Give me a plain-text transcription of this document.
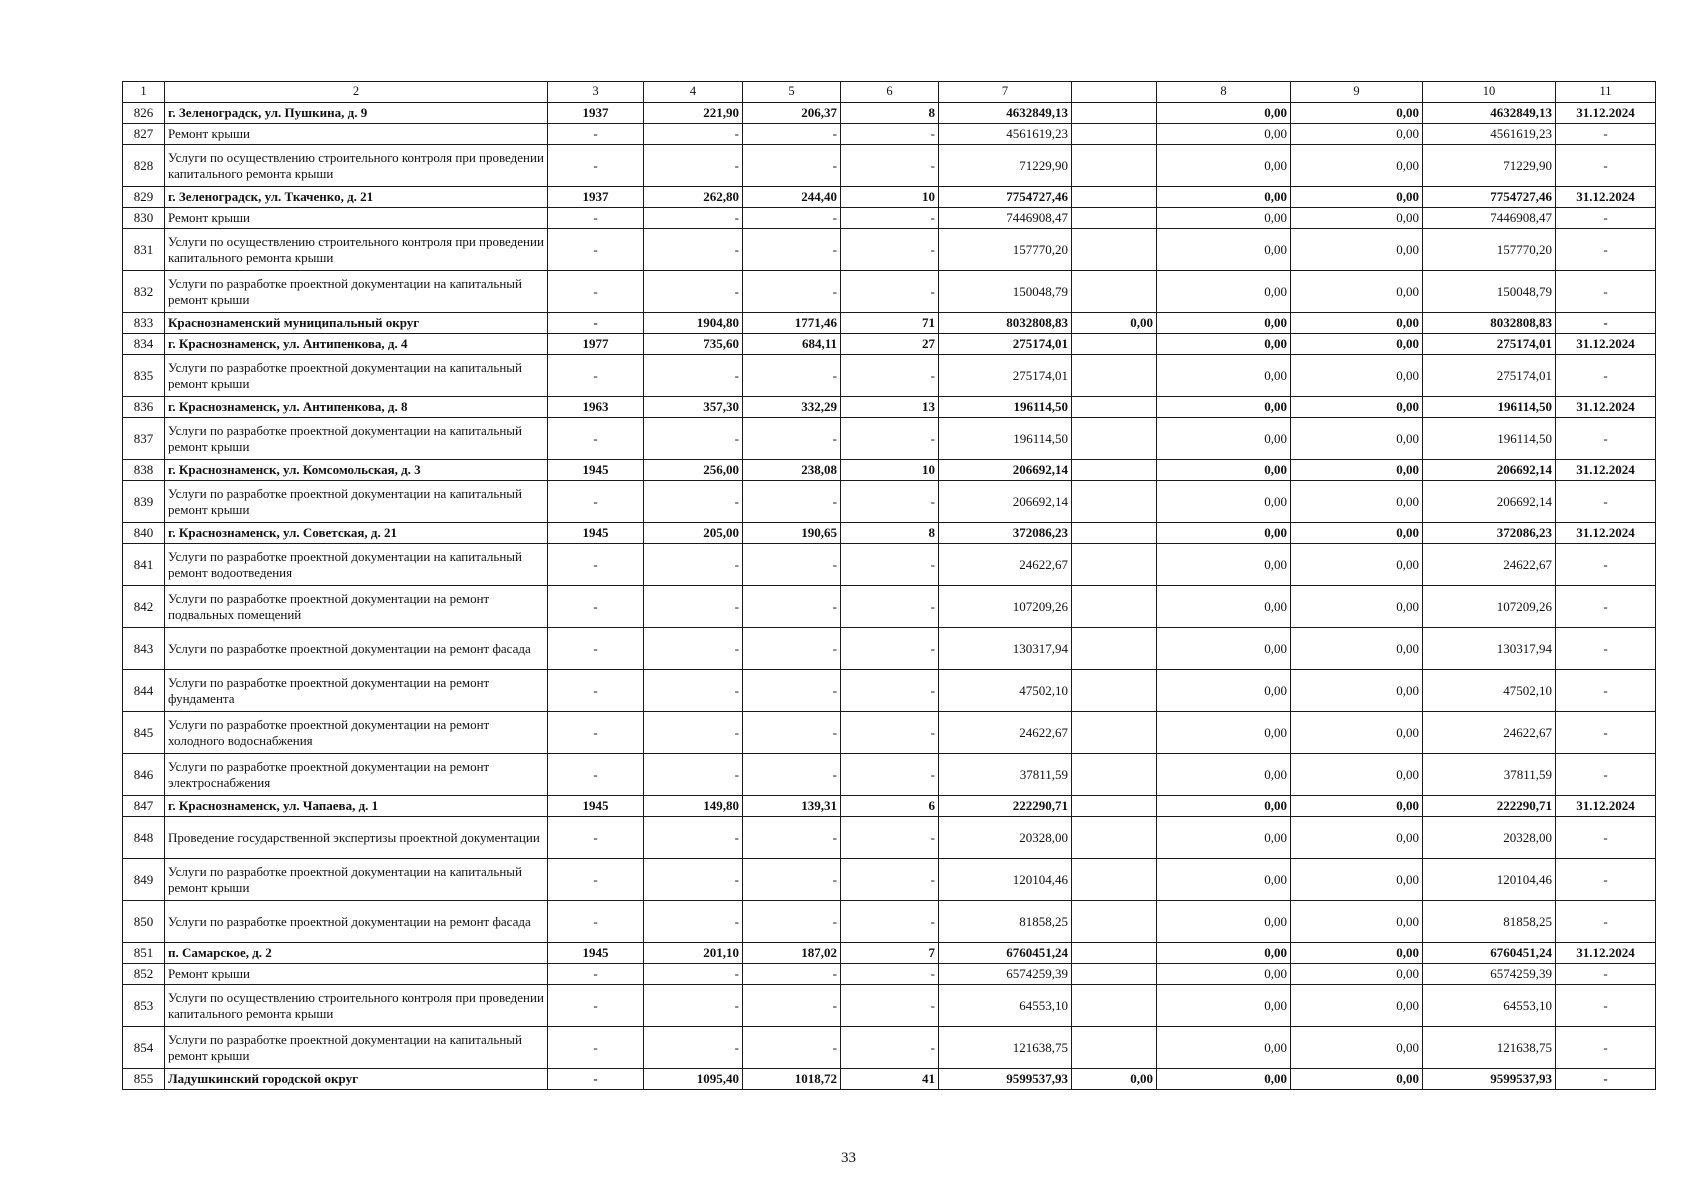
1	2	3	4	5	6	7		8	9	10	11
826	г. Зеленоградск, ул. Пушкина, д. 9	1937	221,90	206,37	8	4632849,13		0,00	0,00	4632849,13	31.12.2024
827	Ремонт крыши	-	-	-	-	4561619,23		0,00	0,00	4561619,23	-
828	Услуги по осуществлению строительного контроля при проведении капитального ремонта крыши	-	-	-	-	71229,90		0,00	0,00	71229,90	-
829	г. Зеленоградск, ул. Ткаченко, д. 21	1937	262,80	244,40	10	7754727,46		0,00	0,00	7754727,46	31.12.2024
830	Ремонт крыши	-	-	-	-	7446908,47		0,00	0,00	7446908,47	-
831	Услуги по осуществлению строительного контроля при проведении капитального ремонта крыши	-	-	-	-	157770,20		0,00	0,00	157770,20	-
832	Услуги по разработке проектной документации на капитальный ремонт крыши	-	-	-	-	150048,79		0,00	0,00	150048,79	-
833	Краснознаменский муниципальный округ	-	1904,80	1771,46	71	8032808,83	0,00	0,00	0,00	8032808,83	-
834	г. Краснознаменск, ул. Антипенкова, д. 4	1977	735,60	684,11	27	275174,01		0,00	0,00	275174,01	31.12.2024
835	Услуги по разработке проектной документации на капитальный ремонт крыши	-	-	-	-	275174,01		0,00	0,00	275174,01	-
836	г. Краснознаменск, ул. Антипенкова, д. 8	1963	357,30	332,29	13	196114,50		0,00	0,00	196114,50	31.12.2024
837	Услуги по разработке проектной документации на капитальный ремонт крыши	-	-	-	-	196114,50		0,00	0,00	196114,50	-
838	г. Краснознаменск, ул. Комсомольская, д. 3	1945	256,00	238,08	10	206692,14		0,00	0,00	206692,14	31.12.2024
839	Услуги по разработке проектной документации на капитальный ремонт крыши	-	-	-	-	206692,14		0,00	0,00	206692,14	-
840	г. Краснознаменск, ул. Советская, д. 21	1945	205,00	190,65	8	372086,23		0,00	0,00	372086,23	31.12.2024
841	Услуги по разработке проектной документации на капитальный ремонт водоотведения	-	-	-	-	24622,67		0,00	0,00	24622,67	-
842	Услуги по разработке проектной документации на ремонт подвальных помещений	-	-	-	-	107209,26		0,00	0,00	107209,26	-
843	Услуги по разработке проектной документации на ремонт фасада	-	-	-	-	130317,94		0,00	0,00	130317,94	-
844	Услуги по разработке проектной документации на ремонт фундамента	-	-	-	-	47502,10		0,00	0,00	47502,10	-
845	Услуги по разработке проектной документации на ремонт холодного водоснабжения	-	-	-	-	24622,67		0,00	0,00	24622,67	-
846	Услуги по разработке проектной документации на ремонт электроснабжения	-	-	-	-	37811,59		0,00	0,00	37811,59	-
847	г. Краснознаменск, ул. Чапаева, д. 1	1945	149,80	139,31	6	222290,71		0,00	0,00	222290,71	31.12.2024
848	Проведение государственной экспертизы проектной документации	-	-	-	-	20328,00		0,00	0,00	20328,00	-
849	Услуги по разработке проектной документации на капитальный ремонт крыши	-	-	-	-	120104,46		0,00	0,00	120104,46	-
850	Услуги по разработке проектной документации на ремонт фасада	-	-	-	-	81858,25		0,00	0,00	81858,25	-
851	п. Самарское, д. 2	1945	201,10	187,02	7	6760451,24		0,00	0,00	6760451,24	31.12.2024
852	Ремонт крыши	-	-	-	-	6574259,39		0,00	0,00	6574259,39	-
853	Услуги по осуществлению строительного контроля при проведении капитального ремонта крыши	-	-	-	-	64553,10		0,00	0,00	64553,10	-
854	Услуги по разработке проектной документации на капитальный ремонт крыши	-	-	-	-	121638,75		0,00	0,00	121638,75	-
855	Ладушкинский городской округ	-	1095,40	1018,72	41	9599537,93	0,00	0,00	0,00	9599537,93	-
33
